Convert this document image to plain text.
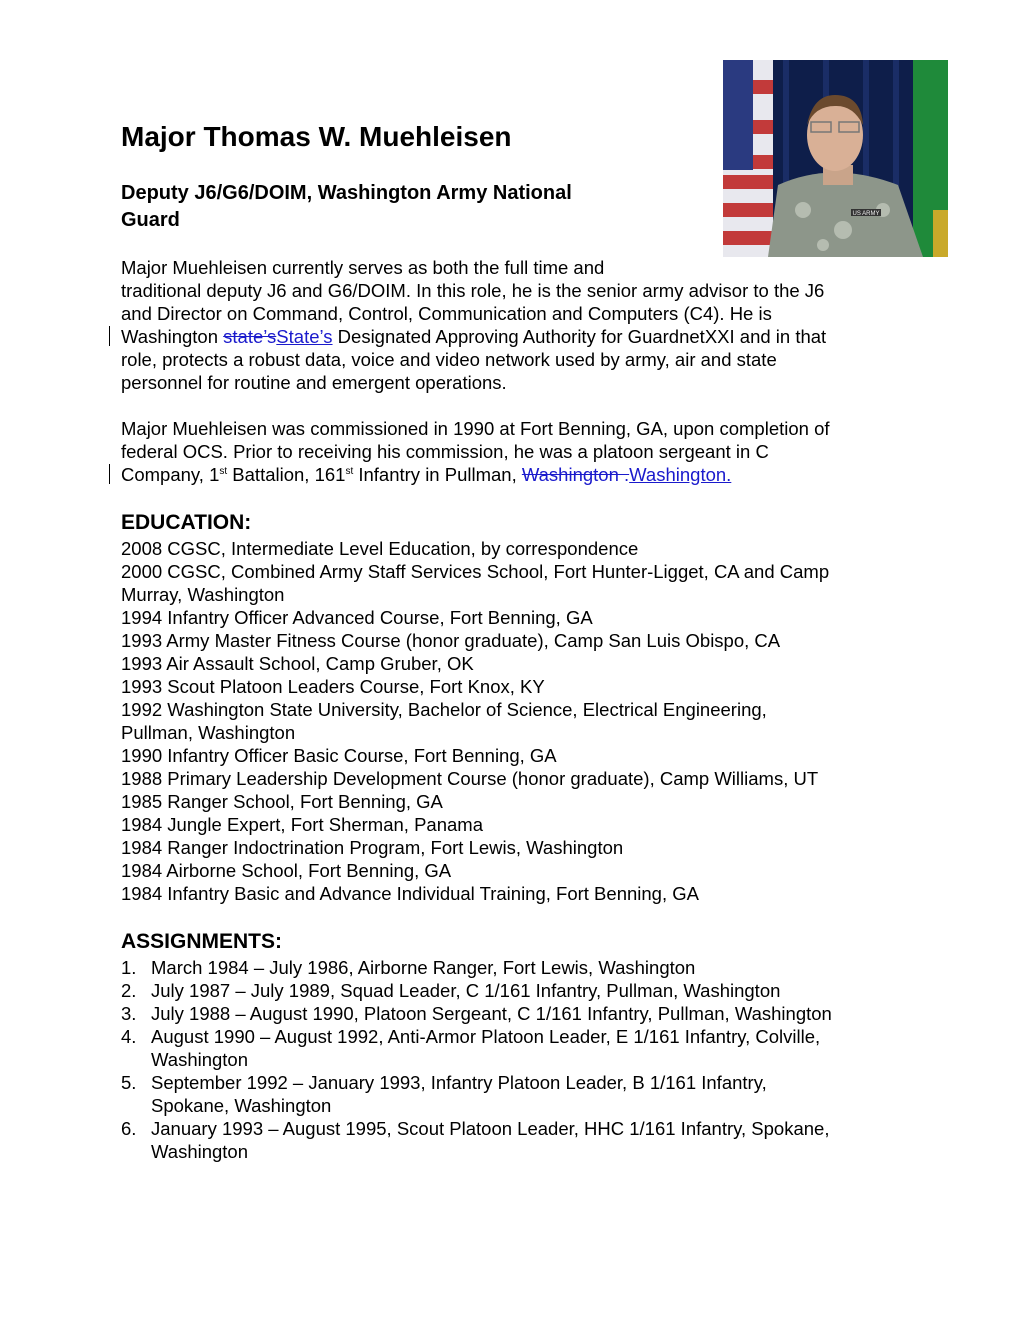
Major Thomas W. Muehleisen
Deputy J6/G6/DOIM, Washington Army National
Guard	US ARMY
Major Muehleisen currently serves as both the full time and
traditional deputy J6 and G6/DOIM. In this role, he is the senior army advisor to the J6
and Director on Command, Control, Communication and Computers (C4). He is
Washington state’sState’s Designated Approving Authority for GuardnetXXI and in that
role, protects a robust data, voice and video network used by army, air and state
personnel for routine and emergent operations.
Major Muehleisen was commissioned in 1990 at Fort Benning, GA, upon completion of
federal OCS. Prior to receiving his commission, he was a platoon sergeant in C
Company, 1st Battalion, 161st Infantry in Pullman, Washington .Washington.
EDUCATION:
2008 CGSC, Intermediate Level Education, by correspondence
2000 CGSC, Combined Army Staff Services School, Fort Hunter-Ligget, CA and Camp
Murray, Washington
1994 Infantry Officer Advanced Course, Fort Benning, GA
1993 Army Master Fitness Course (honor graduate), Camp San Luis Obispo, CA
1993 Air Assault School, Camp Gruber, OK
1993 Scout Platoon Leaders Course, Fort Knox, KY
1992 Washington State University, Bachelor of Science, Electrical Engineering,
Pullman, Washington
1990 Infantry Officer Basic Course, Fort Benning, GA
1988 Primary Leadership Development Course (honor graduate), Camp Williams, UT
1985 Ranger School, Fort Benning, GA
1984 Jungle Expert, Fort Sherman, Panama
1984 Ranger Indoctrination Program, Fort Lewis, Washington
1984 Airborne School, Fort Benning, GA
1984 Infantry Basic and Advance Individual Training, Fort Benning, GA
ASSIGNMENTS:
1. March 1984 – July 1986, Airborne Ranger, Fort Lewis, Washington
2. July 1987 – July 1989, Squad Leader, C 1/161 Infantry, Pullman, Washington
3. July 1988 – August 1990, Platoon Sergeant, C 1/161 Infantry, Pullman, Washington
4. August 1990 – August 1992, Anti-Armor Platoon Leader, E 1/161 Infantry, Colville,
Washington
5. September 1992 – January 1993, Infantry Platoon Leader, B 1/161 Infantry,
Spokane, Washington
6. January 1993 – August 1995, Scout Platoon Leader, HHC 1/161 Infantry, Spokane,
Washington
